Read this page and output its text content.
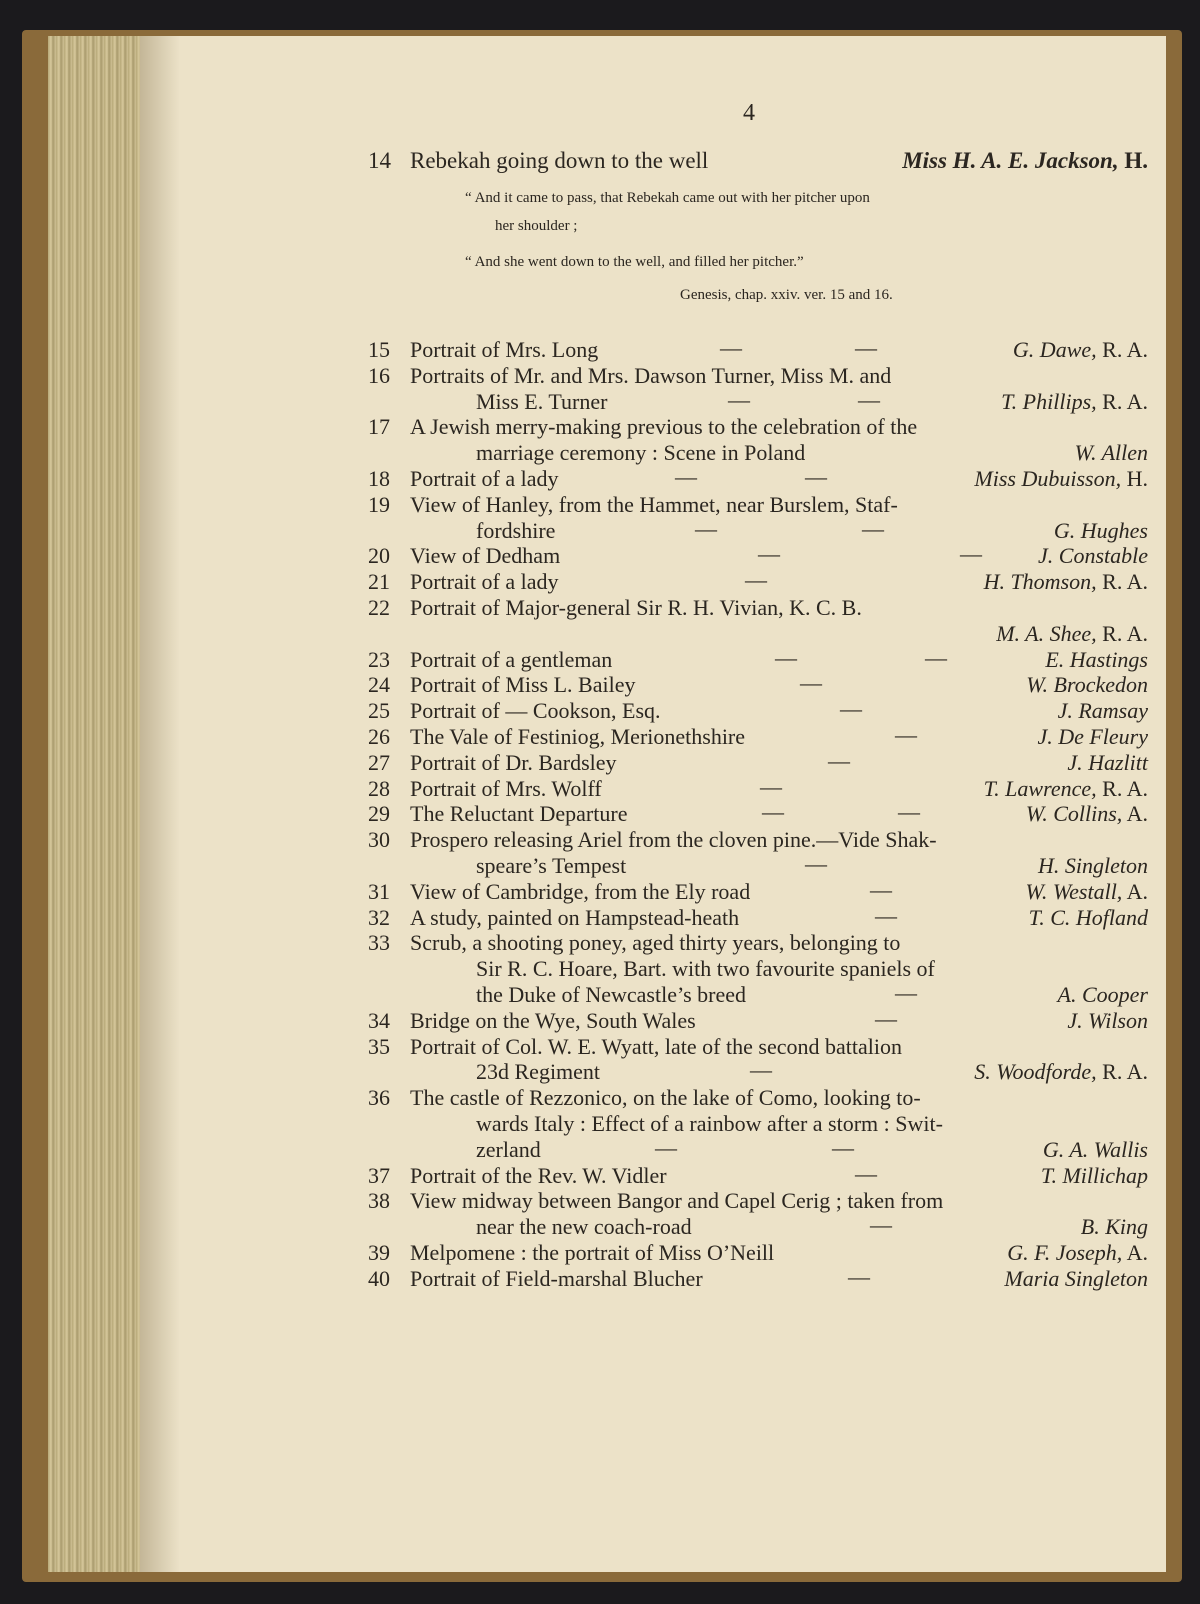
4
14 Rebekah going down to the well	Miss H. A. E. Jackson, H.
“ And it came to pass, that Rebekah came out with her pitcher upon
her shoulder ;
“ And she went down to the well, and filled her pitcher.”
Genesis, chap. xxiv. ver. 15 and 16.
15 Portrait of Mrs. Long	—	—	G. Dawe, R. A.
16 Portraits of Mr. and Mrs. Dawson Turner, Miss M. and
Miss E. Turner	—	—	T. Phillips, R. A.
17 A Jewish merry-making previous to the celebration of the
marriage ceremony : Scene in Poland	W. Allen
18 Portrait of a lady	—	—	Miss Dubuisson, H.
19 View of Hanley, from the Hammet, near Burslem, Staf-
fordshire	—	—	G. Hughes
20 View of Dedham	—	—	J. Constable
21 Portrait of a lady	—	H. Thomson, R. A.
22 Portrait of Major-general Sir R. H. Vivian, K. C. B.
M. A. Shee, R. A.
23 Portrait of a gentleman	—	—	E. Hastings
24 Portrait of Miss L. Bailey	—	W. Brockedon
25 Portrait of — Cookson, Esq.	—	J. Ramsay
26 The Vale of Festiniog, Merionethshire	—	J. De Fleury
27 Portrait of Dr. Bardsley	—	J. Hazlitt
28 Portrait of Mrs. Wolff	—	T. Lawrence, R. A.
29 The Reluctant Departure	—	—	W. Collins, A.
30 Prospero releasing Ariel from the cloven pine.—Vide Shak-
speare’s Tempest	—	H. Singleton
31 View of Cambridge, from the Ely road	—	W. Westall, A.
32 A study, painted on Hampstead-heath	—	T. C. Hofland
33 Scrub, a shooting poney, aged thirty years, belonging to
Sir R. C. Hoare, Bart. with two favourite spaniels of
the Duke of Newcastle’s breed	—	A. Cooper
34 Bridge on the Wye, South Wales	—	J. Wilson
35 Portrait of Col. W. E. Wyatt, late of the second battalion
23d Regiment	—	S. Woodforde, R. A.
36 The castle of Rezzonico, on the lake of Como, looking to-
wards Italy : Effect of a rainbow after a storm : Swit-
zerland	—	—	G. A. Wallis
37 Portrait of the Rev. W. Vidler	—	T. Millichap
38 View midway between Bangor and Capel Cerig ; taken from
near the new coach-road	—	B. King
39 Melpomene : the portrait of Miss O’Neill	G. F. Joseph, A.
40 Portrait of Field-marshal Blucher	—	Maria Singleton
